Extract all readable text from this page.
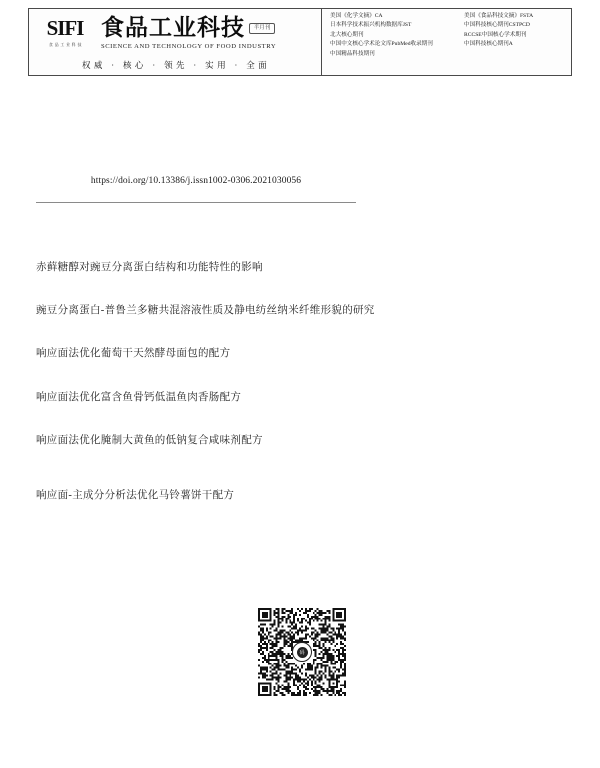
SIFI
食 品 工 业 科 技
食品工业科技	半月刊
SCIENCE AND TECHNOLOGY OF FOOD INDUSTRY
权威 · 核心 · 领先 · 实用 · 全面
美国《化学文摘》CA
日本科学技术振兴机构数据库JST
北大核心期刊
中国中文核心学术论文库PubMed收录期刊
中国精品科技期刊
美国《食品科技文摘》FSTA
中国科技核心期刊CSTPCD
RCCSE中国核心学术期刊
中国科技核心期刊A
https://doi.org/10.13386/j.issn1002-0306.2021030056
赤藓糖醇对豌豆分离蛋白结构和功能特性的影响
豌豆分离蛋白-普鲁兰多糖共混溶液性质及静电纺丝纳米纤维形貌的研究
响应面法优化葡萄干天然酵母面包的配方
响应面法优化富含鱼骨钙低温鱼肉香肠配方
响应面法优化腌制大黄鱼的低钠复合咸味剂配方
响应面-主成分分析法优化马铃薯饼干配方
码
